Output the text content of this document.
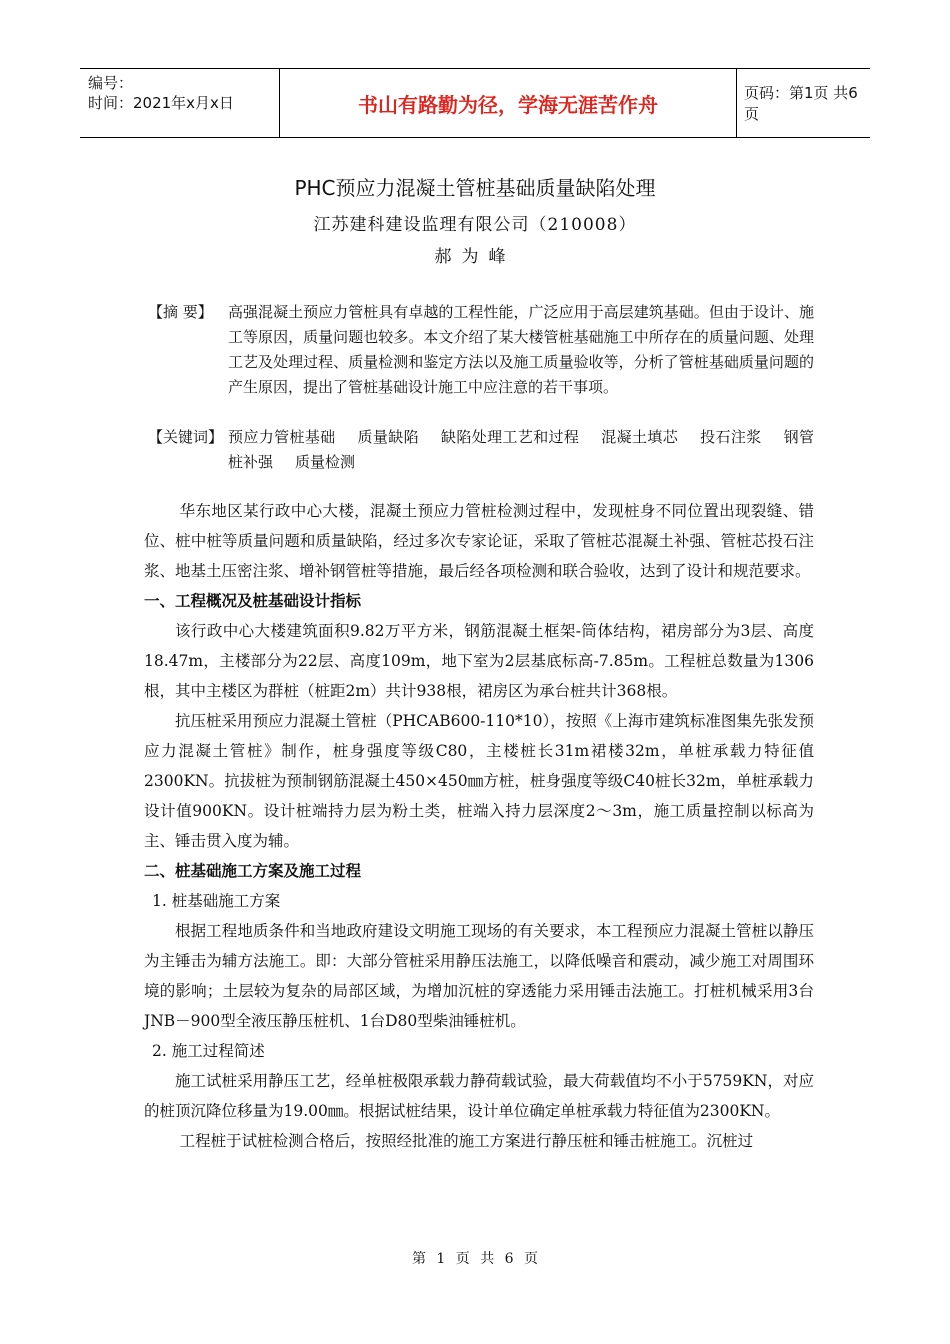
编号：
时间：2021年x月x日	书山有路勤为径，学海无涯苦作舟	页码：第1页 共6页
PHC预应力混凝土管桩基础质量缺陷处理
江苏建科建设监理有限公司（210008）
郝为峰
【摘 要】 高强混凝土预应力管桩具有卓越的工程性能，广泛应用于高层建筑基础。但由于设计、施工等原因，质量问题也较多。本文介绍了某大楼管桩基础施工中所存在的质量问题、处理工艺及处理过程、质量检测和鉴定方法以及施工质量验收等，分析了管桩基础质量问题的产生原因，提出了管桩基础设计施工中应注意的若干事项。
【关键词】 预应力管桩基础 质量缺陷 缺陷处理工艺和过程 混凝土填芯 投石注浆 钢管桩补强 质量检测

华东地区某行政中心大楼，混凝土预应力管桩检测过程中，发现桩身不同位置出现裂缝、错位、桩中桩等质量问题和质量缺陷，经过多次专家论证，采取了管桩芯混凝土补强、管桩芯投石注浆、地基土压密注浆、增补钢管桩等措施，最后经各项检测和联合验收，达到了设计和规范要求。

一、工程概况及桩基础设计指标

该行政中心大楼建筑面积9.82万平方米，钢筋混凝土框架-筒体结构，裙房部分为3层、高度18.47m，主楼部分为22层、高度109m，地下室为2层基底标高-7.85m。工程桩总数量为1306根，其中主楼区为群桩（桩距2m）共计938根，裙房区为承台桩共计368根。

抗压桩采用预应力混凝土管桩（PHCAB600-110*10），按照《上海市建筑标准图集先张发预应力混凝土管桩》制作，桩身强度等级C80，主楼桩长31m裙楼32m，单桩承载力特征值2300KN。抗拔桩为预制钢筋混凝土450×450㎜方桩，桩身强度等级C40桩长32m，单桩承载力设计值900KN。设计桩端持力层为粉土类，桩端入持力层深度2～3m，施工质量控制以标高为主、锤击贯入度为辅。

二、桩基础施工方案及施工过程

1. 桩基础施工方案

根据工程地质条件和当地政府建设文明施工现场的有关要求，本工程预应力混凝土管桩以静压为主锤击为辅方法施工。即：大部分管桩采用静压法施工，以降低噪音和震动，减少施工对周围环境的影响；土层较为复杂的局部区域，为增加沉桩的穿透能力采用锤击法施工。打桩机械采用3台JNB－900型全液压静压桩机、1台D80型柴油锤桩机。

2. 施工过程简述

施工试桩采用静压工艺，经单桩极限承载力静荷载试验，最大荷载值均不小于5759KN，对应的桩顶沉降位移量为19.00㎜。根据试桩结果，设计单位确定单桩承载力特征值为2300KN。

工程桩于试桩检测合格后，按照经批准的施工方案进行静压桩和锤击桩施工。沉桩过

第 1 页 共 6 页
